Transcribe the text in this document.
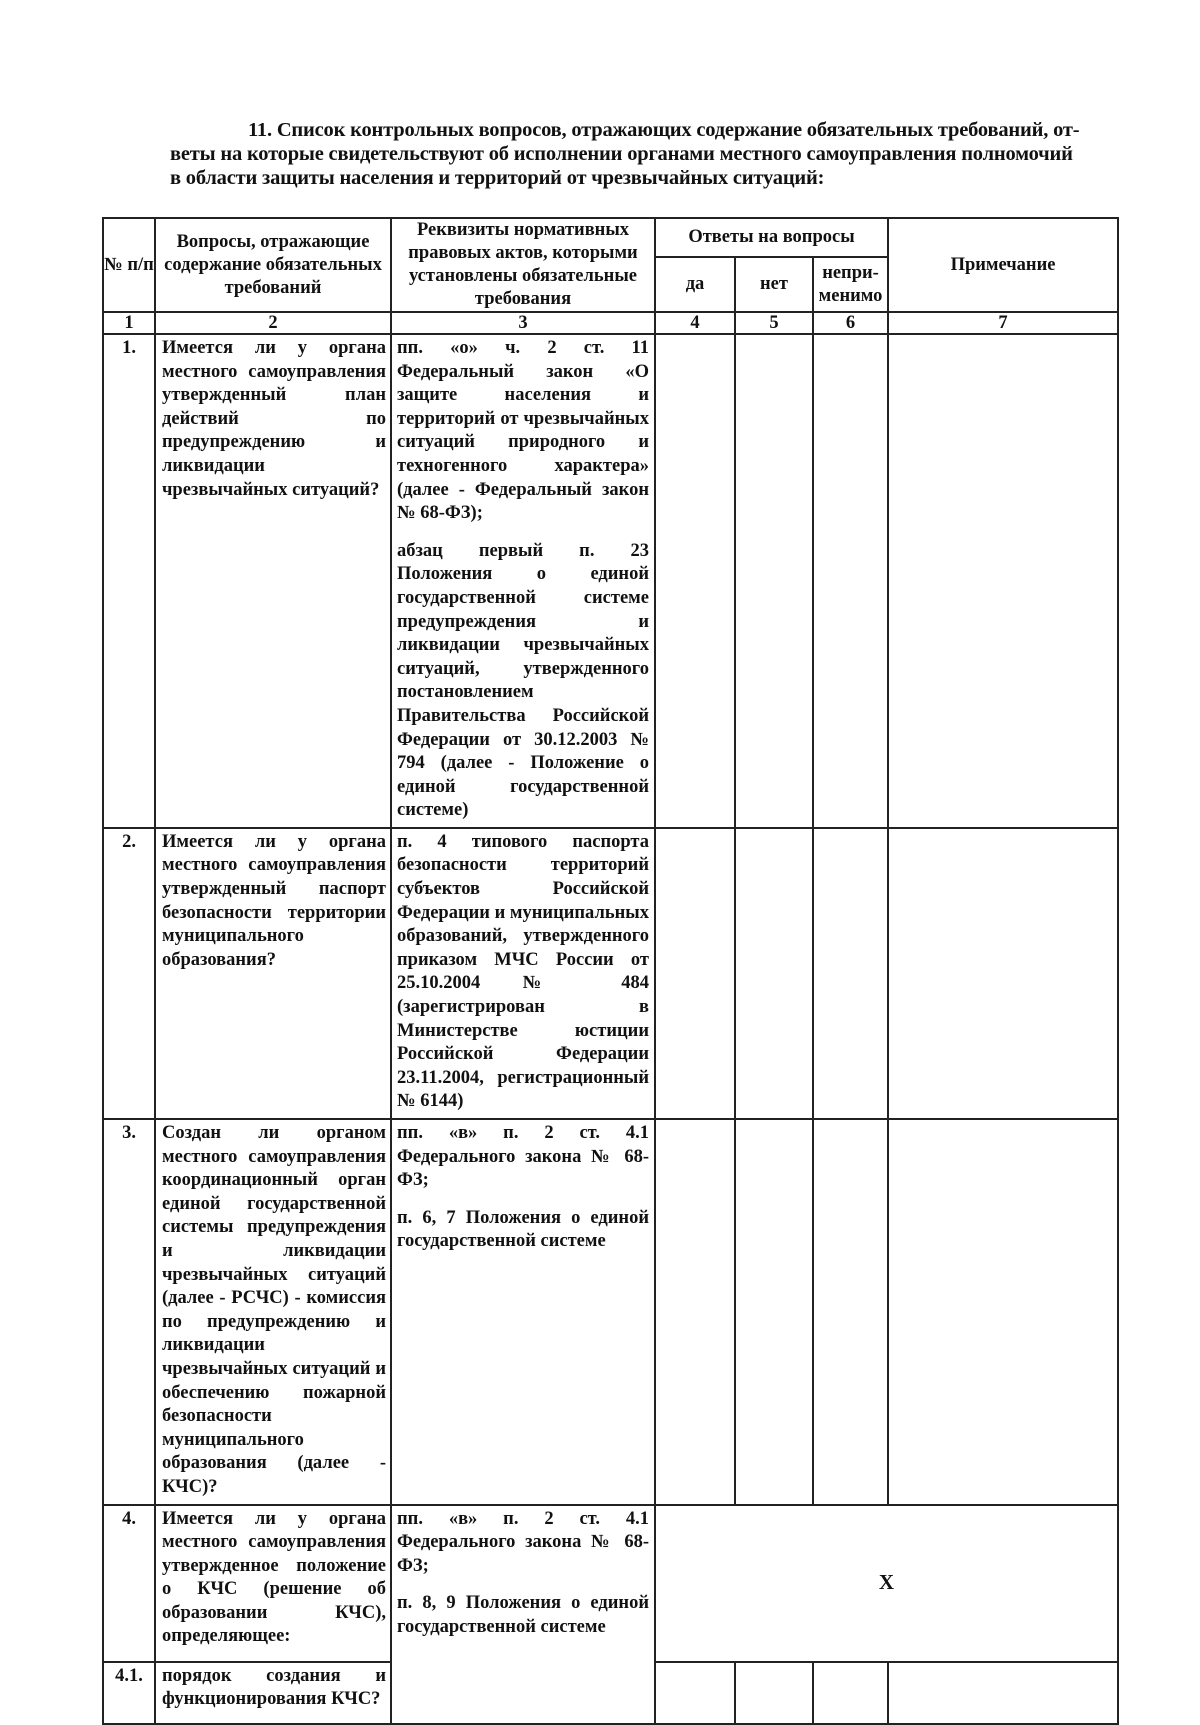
11. Список контрольных вопросов, отражающих содержание обязательных требований, от-

веты на которые свидетельствуют об исполнении органами местного самоуправления полномочий

в области защиты населения и территорий от чрезвычайных ситуаций:

№ п/п	Вопросы, отражающие содержание обязательных требований	Реквизиты нормативных правовых актов, которыми установлены обязательные требования	Ответы на вопросы			Примечание
			да	нет	непри-менимо	
1	2	3	4	5	6	7
1.	Имеется ли у органа местного самоуправления утвержденный план действий по предупреждению и ликвидации чрезвычайных ситуаций?	пп. «о» ч. 2 ст. 11 Федеральный закон «О защите населения и территорий от чрезвычайных ситуаций природного и техногенного характера» (далее - Федеральный закон № 68-ФЗ);

абзац первый п. 23 Положения о единой государственной системе предупреждения и ликвидации чрезвычайных ситуаций, утвержденного постановлением Правительства Российской Федерации от 30.12.2003 № 794 (далее - Положение о единой государственной системе)				

2.	Имеется ли у органа местного самоуправления утвержденный паспорт безопасности территории муниципального образования?	п. 4 типового паспорта безопасности территорий субъектов Российской Федерации и муниципальных образований, утвержденного приказом МЧС России от 25.10.2004 № 484 (зарегистрирован в Министерстве юстиции Российской Федерации 23.11.2004, регистрационный № 6144)				

3.	Создан ли органом местного самоуправления координационный орган единой государственной системы предупреждения и ликвидации чрезвычайных ситуаций (далее - РСЧС) - комиссия по предупреждению и ликвидации чрезвычайных ситуаций и обеспечению пожарной безопасности муниципального образования (далее - КЧС)?	пп. «в» п. 2 ст. 4.1 Федерального закона № 68-ФЗ;

п. 6, 7 Положения о единой государственной системе				

4.	Имеется ли у органа местного самоуправления утвержденное положение о КЧС (решение об образовании КЧС), определяющее:	пп. «в» п. 2 ст. 4.1 Федерального закона № 68-ФЗ;

п. 8, 9 Положения о единой государственной системе	Х			
4.1.	порядок создания и функционирования КЧС?					
